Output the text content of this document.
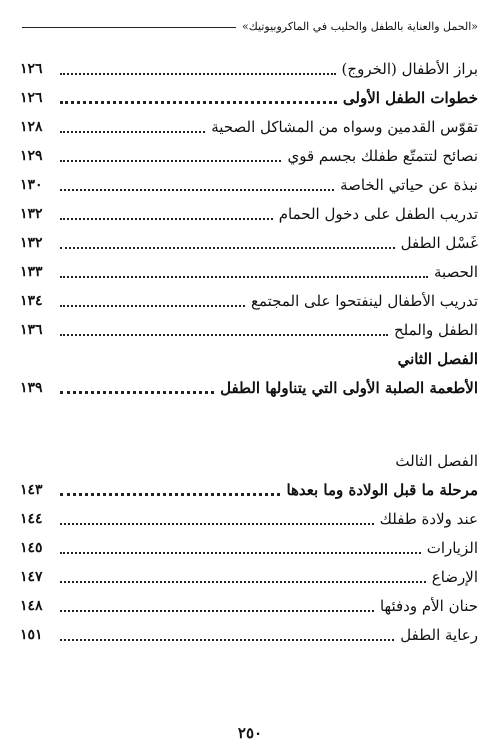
«الحمل والعناية بالطفل والحليب في الماكروبيوتيك»
براز الأطفال (الخروج)
١٢٦
خطوات الطفل الأولى
١٢٦
تقوّس القدمين وسواه من المشاكل الصحية
١٢٨
نصائح لتتمتّع طفلك بجسم قوي
١٢٩
نبذة عن حياتي الخاصة
١٣٠
تدريب الطفل على دخول الحمام
١٣٢
غَسْل الطفل
١٣٢
الحصبة
١٣٣
تدريب الأطفال لينفتحوا على المجتمع
١٣٤
الطفل والملح
١٣٦
الفصل الثاني
الأطعمة الصلبة الأولى التي يتناولها الطفل
١٣٩
الفصل الثالث
مرحلة ما قبل الولادة وما بعدها
١٤٣
عند ولادة طفلك
١٤٤
الزيارات
١٤٥
الإرضاع
١٤٧
حنان الأم ودفئها
١٤٨
رعاية الطفل
١٥١
٢٥٠
